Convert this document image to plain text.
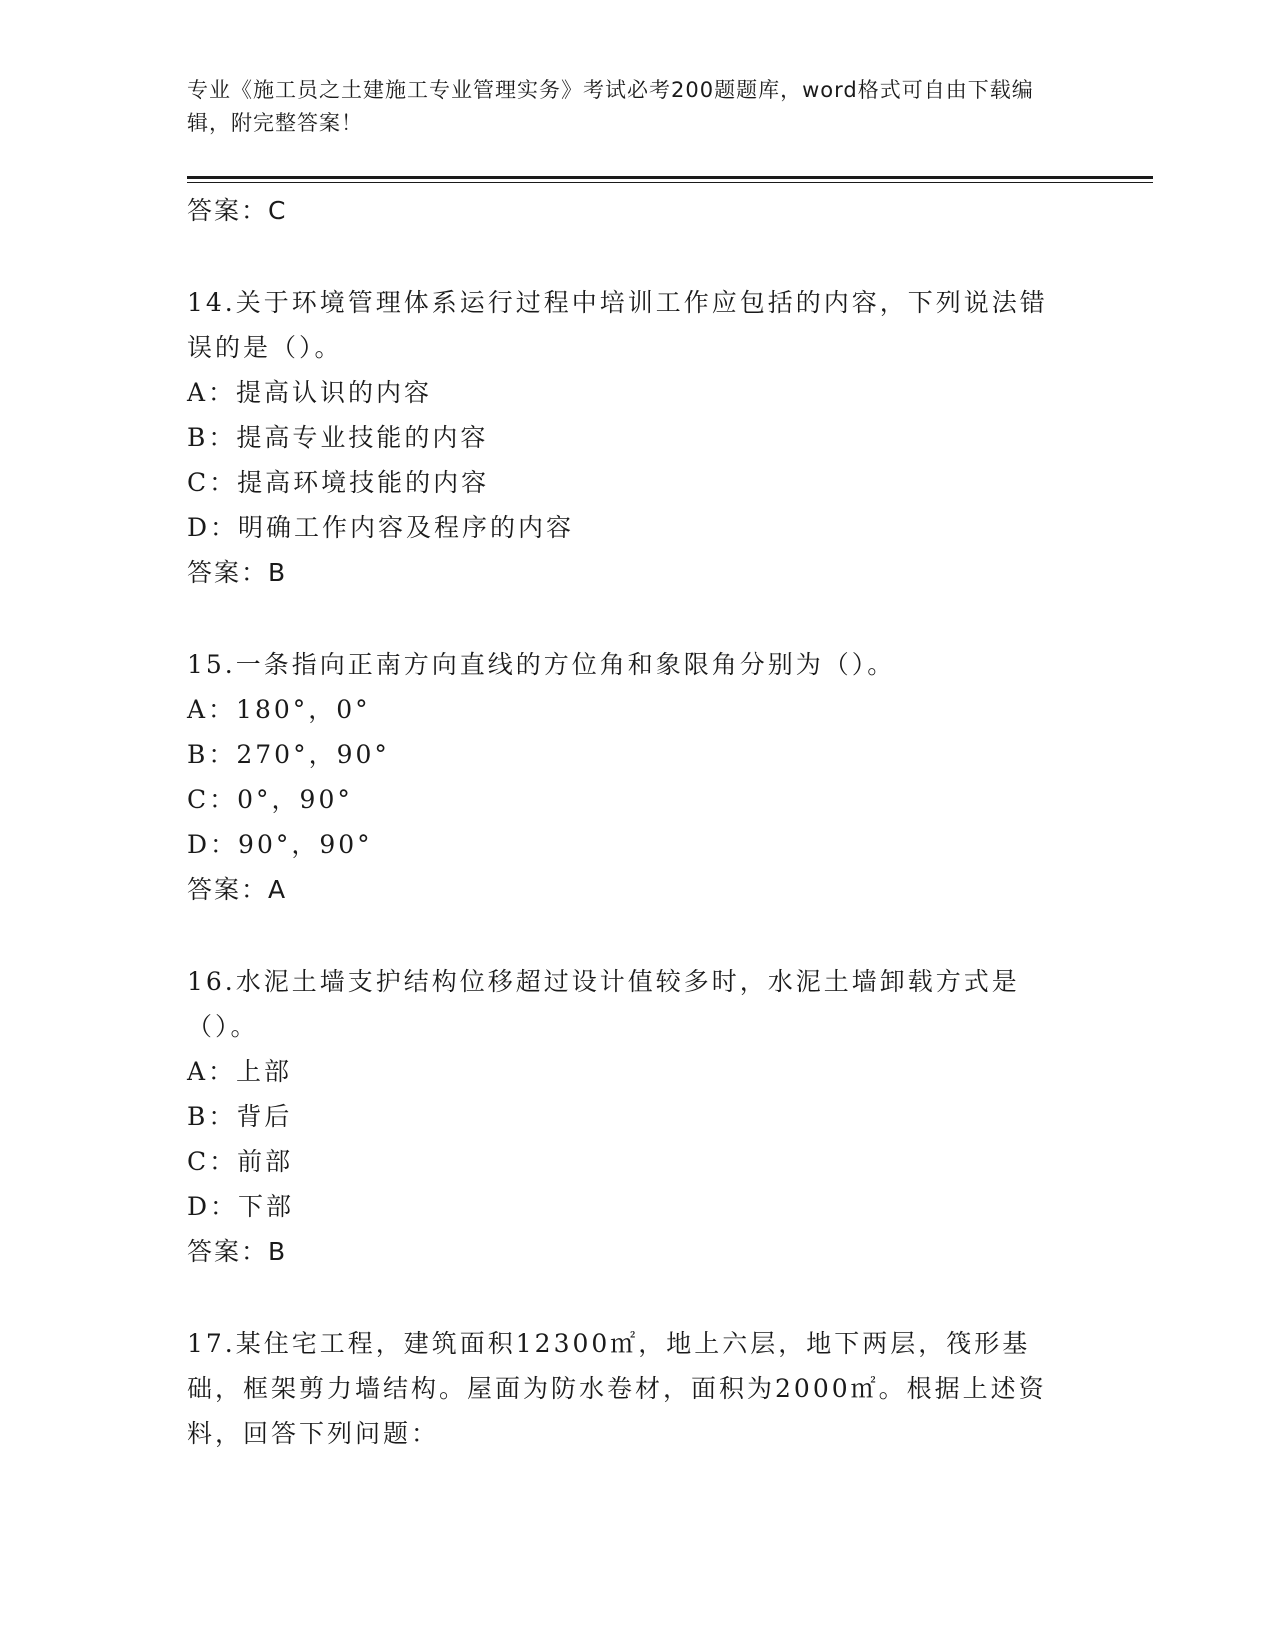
专业《施工员之土建施工专业管理实务》考试必考200题题库，word格式可自由下载编辑，附完整答案！
答案：C
14.关于环境管理体系运行过程中培训工作应包括的内容，下列说法错误的是（）。
A：提高认识的内容
B：提高专业技能的内容
C：提高环境技能的内容
D：明确工作内容及程序的内容
答案：B
15.一条指向正南方向直线的方位角和象限角分别为（）。
A：180°，0°
B：270°，90°
C：0°，90°
D：90°，90°
答案：A
16.水泥土墙支护结构位移超过设计值较多时，水泥土墙卸载方式是（）。
A：上部
B：背后
C：前部
D：下部
答案：B
17.某住宅工程，建筑面积12300㎡，地上六层，地下两层，筏形基础，框架剪力墙结构。屋面为防水卷材，面积为2000㎡。根据上述资料，回答下列问题：
